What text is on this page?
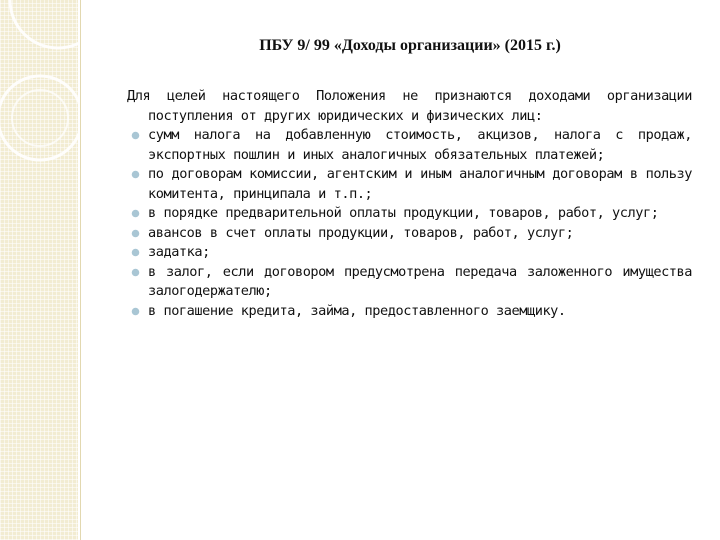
ПБУ 9/ 99 «Доходы организации» (2015 г.)

Для целей настоящего Положения не признаются доходами организации поступления от других юридических и физических лиц:

сумм налога на добавленную стоимость, акцизов, налога с продаж, экспортных пошлин и иных аналогичных обязательных платежей;
по договорам комиссии, агентским и иным аналогичным договорам в пользу комитента, принципала и т.п.;
в порядке предварительной оплаты продукции, товаров, работ, услуг;
авансов в счет оплаты продукции, товаров, работ, услуг;
задатка;
в залог, если договором предусмотрена передача заложенного имущества залогодержателю;
в погашение кредита, займа, предоставленного заемщику.
